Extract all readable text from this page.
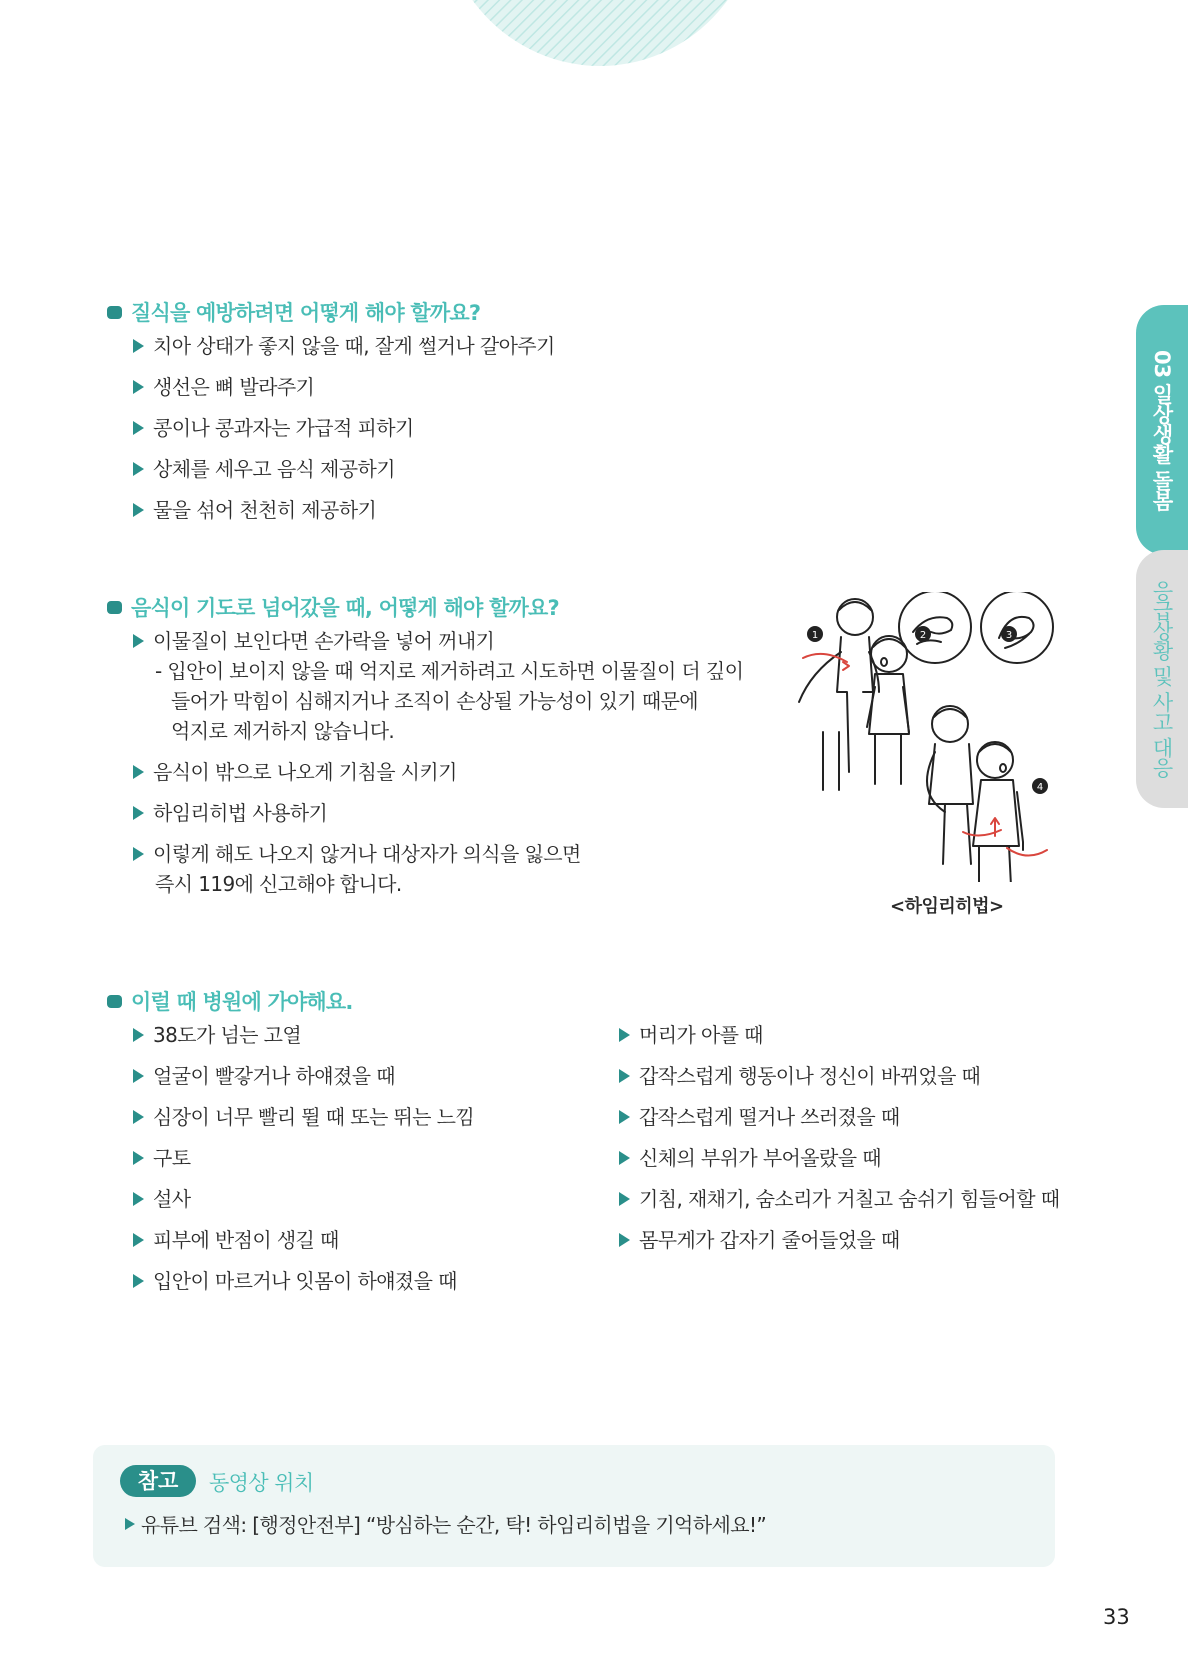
질식을 예방하려면 어떻게 해야 할까요?
치아 상태가 좋지 않을 때, 잘게 썰거나 갈아주기
생선은 뼈 발라주기
콩이나 콩과자는 가급적 피하기
상체를 세우고 음식 제공하기
물을 섞어 천천히 제공하기
음식이 기도로 넘어갔을 때, 어떻게 해야 할까요?
이물질이 보인다면 손가락을 넣어 꺼내기
- 입안이 보이지 않을 때 억지로 제거하려고 시도하면 이물질이 더 깊이
들어가 막힘이 심해지거나 조직이 손상될 가능성이 있기 때문에
억지로 제거하지 않습니다.
음식이 밖으로 나오게 기침을 시키기
하임리히법 사용하기
이렇게 해도 나오지 않거나 대상자가 의식을 잃으면
즉시 119에 신고해야 합니다.
1	2	3
4
<하임리히법>
이럴 때 병원에 가야해요.
38도가 넘는 고열
얼굴이 빨갛거나 하얘졌을 때
심장이 너무 빨리 뛸 때 또는 뛰는 느낌
구토
설사
피부에 반점이 생길 때
입안이 마르거나 잇몸이 하얘졌을 때
머리가 아플 때
갑작스럽게 행동이나 정신이 바뀌었을 때
갑작스럽게 떨거나 쓰러졌을 때
신체의 부위가 부어올랐을 때
기침, 재채기, 숨소리가 거칠고 숨쉬기 힘들어할 때
몸무게가 갑자기 줄어들었을 때
03 일상생활 돌봄
응급상황 및 사고 대응
참고	동영상 위치
유튜브 검색: [행정안전부] “방심하는 순간, 탁! 하임리히법을 기억하세요!”
33
